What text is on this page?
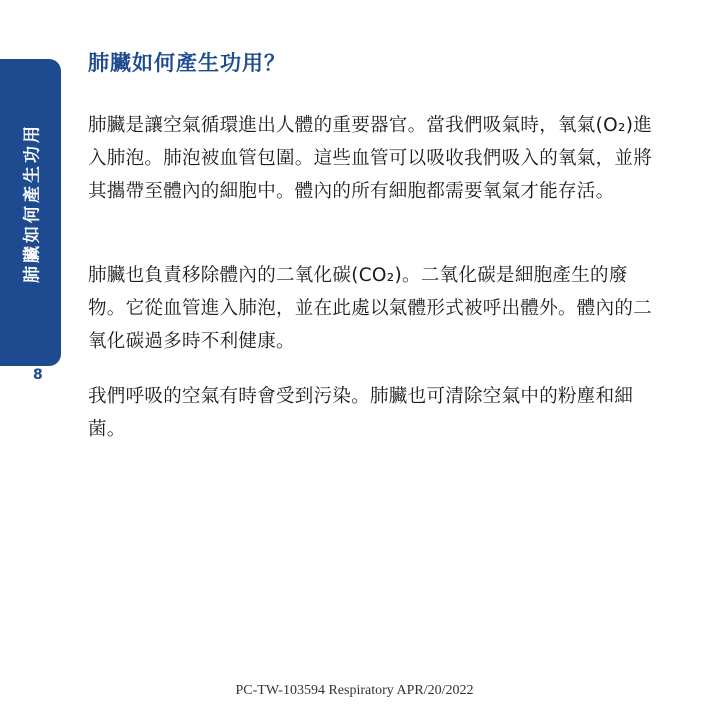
肺臟如何產生功用
8
肺臟如何產生功用？

肺臟是讓空氣循環進出人體的重要器官。當我們吸氣時，氧氣(O₂)進入肺泡。肺泡被血管包圍。這些血管可以吸收我們吸入的氧氣，並將其攜帶至體內的細胞中。體內的所有細胞都需要氧氣才能存活。

肺臟也負責移除體內的二氧化碳(CO₂)。二氧化碳是細胞產生的廢物。它從血管進入肺泡，並在此處以氣體形式被呼出體外。體內的二氧化碳過多時不利健康。

我們呼吸的空氣有時會受到污染。肺臟也可清除空氣中的粉塵和細菌。

PC-TW-103594 Respiratory APR/20/2022
